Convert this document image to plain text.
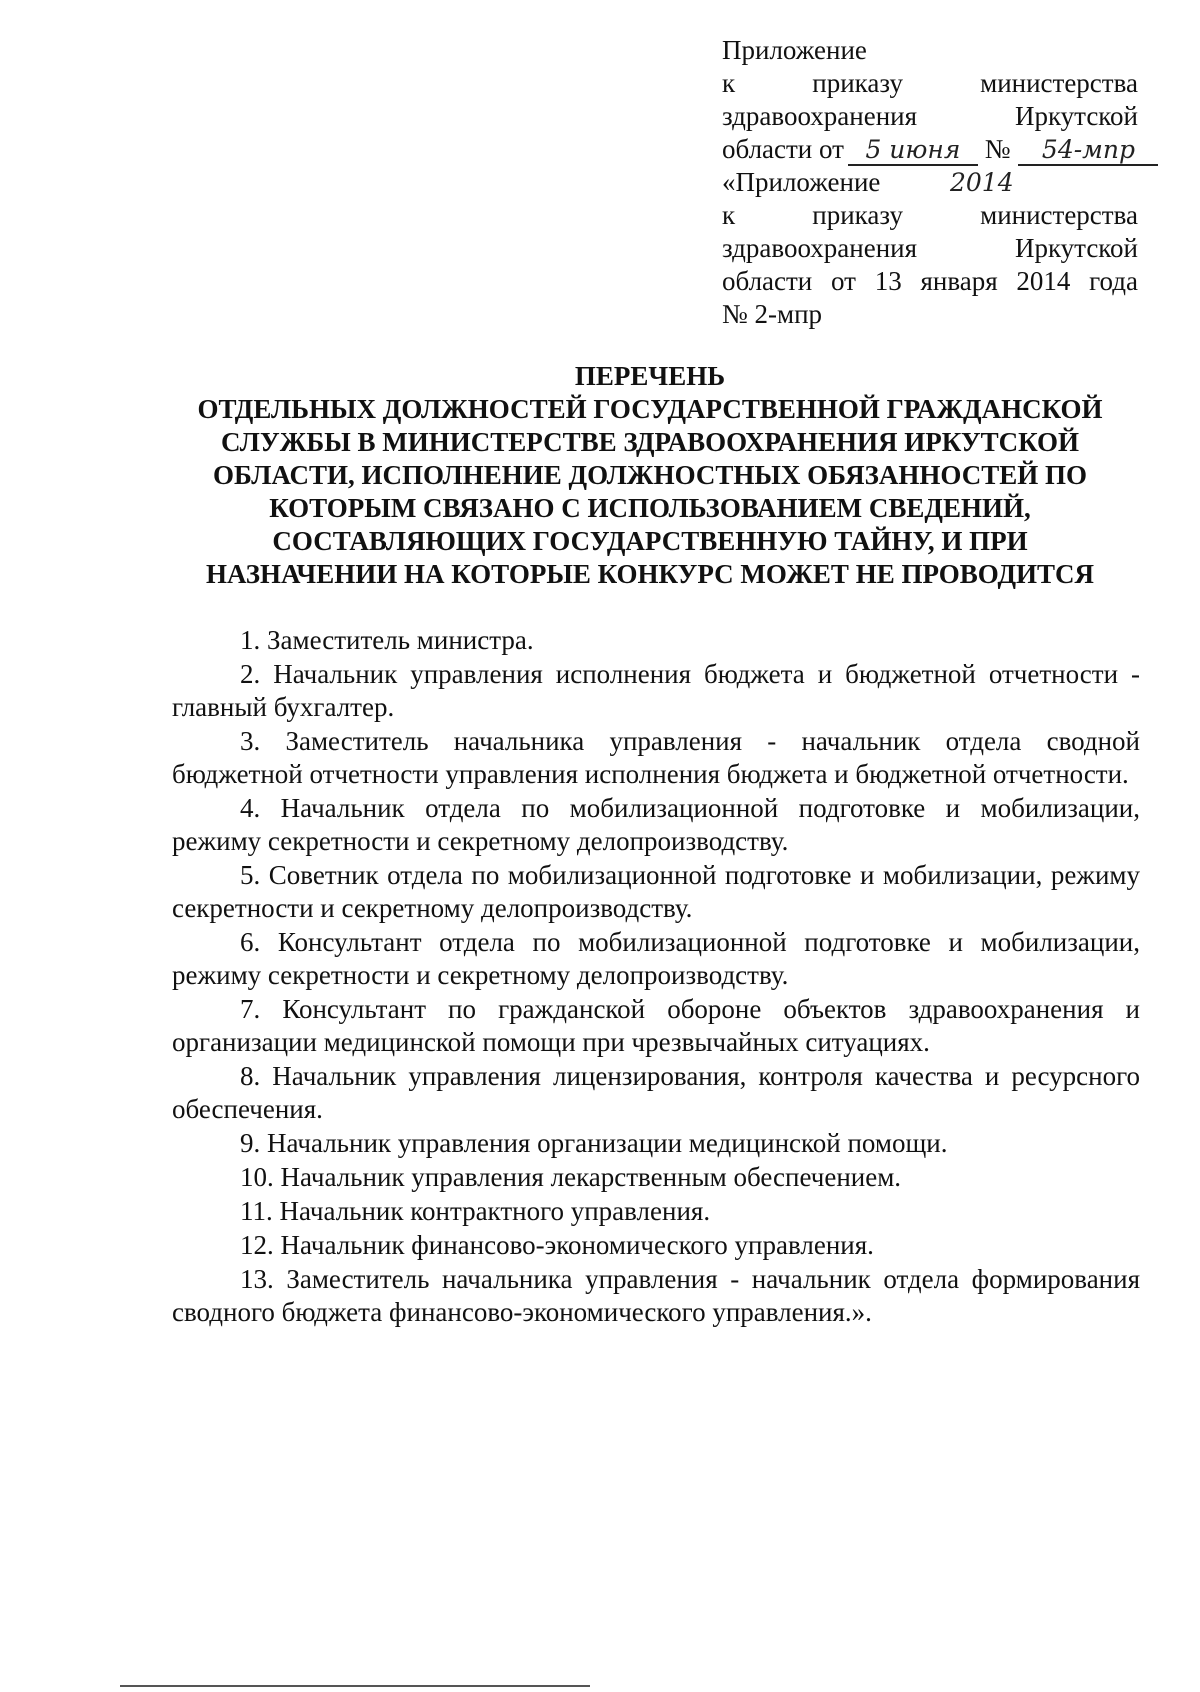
Приложение
к	приказу	министерства
здравоохранения	Иркутской
области от 5 июня № 54-мпр
«Приложение	2014
к	приказу	министерства
здравоохранения	Иркутской
области от 13 января 2014 года
№ 2-мпр
ПЕРЕЧЕНЬ
ОТДЕЛЬНЫХ ДОЛЖНОСТЕЙ ГОСУДАРСТВЕННОЙ ГРАЖДАНСКОЙ
СЛУЖБЫ В МИНИСТЕРСТВЕ ЗДРАВООХРАНЕНИЯ ИРКУТСКОЙ
ОБЛАСТИ, ИСПОЛНЕНИЕ ДОЛЖНОСТНЫХ ОБЯЗАННОСТЕЙ ПО
КОТОРЫМ СВЯЗАНО С ИСПОЛЬЗОВАНИЕМ СВЕДЕНИЙ,
СОСТАВЛЯЮЩИХ ГОСУДАРСТВЕННУЮ ТАЙНУ, И ПРИ
НАЗНАЧЕНИИ НА КОТОРЫЕ КОНКУРС МОЖЕТ НЕ ПРОВОДИТСЯ

1. Заместитель министра.

2. Начальник управления исполнения бюджета и бюджетной отчетности - главный бухгалтер.

3. Заместитель начальника управления - начальник отдела сводной бюджетной отчетности управления исполнения бюджета и бюджетной отчетности.

4. Начальник отдела по мобилизационной подготовке и мобилизации, режиму секретности и секретному делопроизводству.

5. Советник отдела по мобилизационной подготовке и мобилизации, режиму секретности и секретному делопроизводству.

6. Консультант отдела по мобилизационной подготовке и мобилизации, режиму секретности и секретному делопроизводству.

7. Консультант по гражданской обороне объектов здравоохранения и организации медицинской помощи при чрезвычайных ситуациях.

8. Начальник управления лицензирования, контроля качества и ресурсного обеспечения.

9. Начальник управления организации медицинской помощи.

10. Начальник управления лекарственным обеспечением.

11. Начальник контрактного управления.

12. Начальник финансово-экономического управления.

13. Заместитель начальника управления - начальник отдела формирования сводного бюджета финансово-экономического управления.».
